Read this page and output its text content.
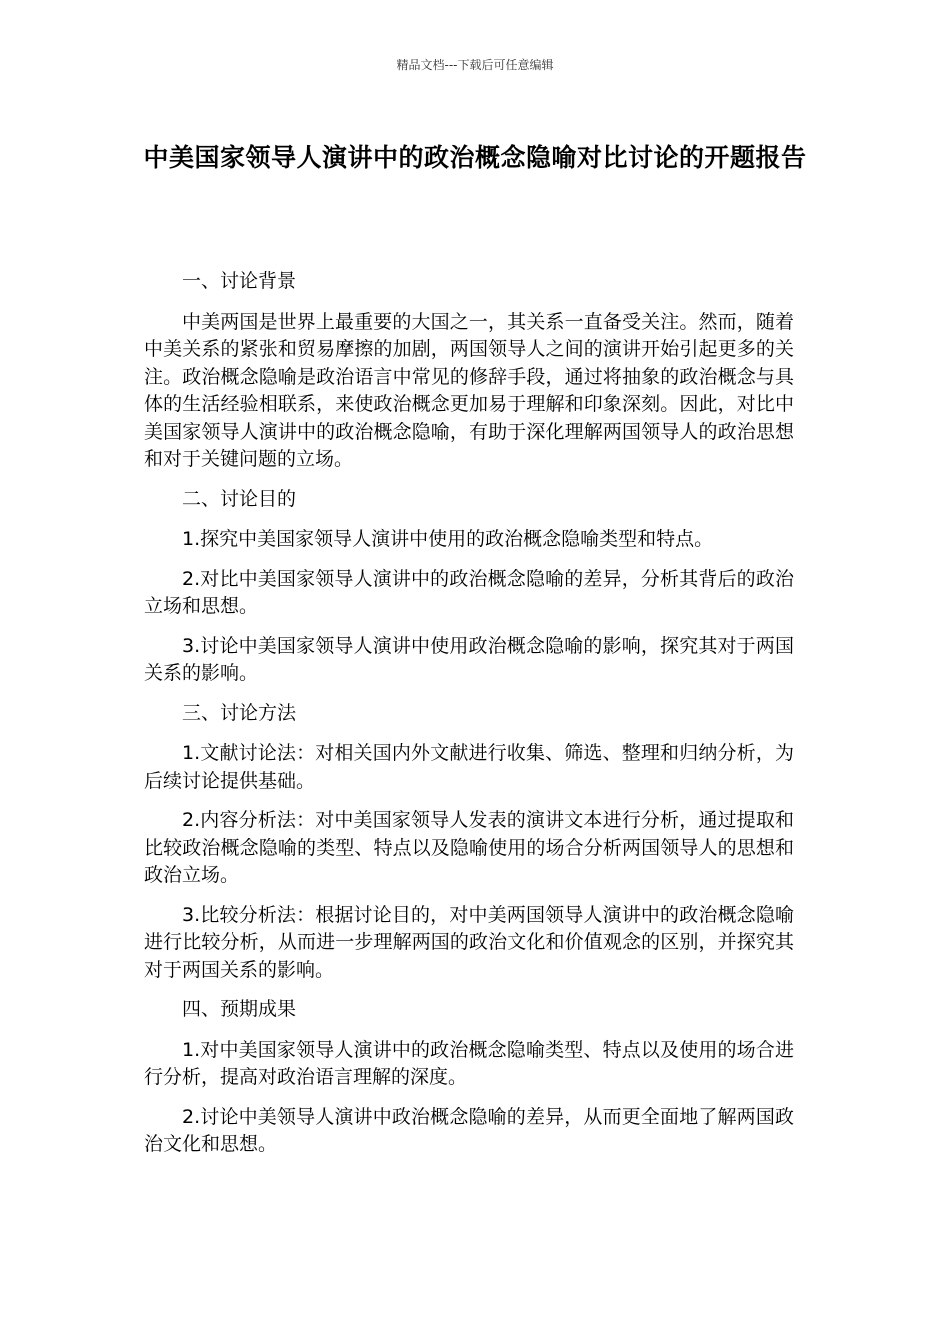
精品文档---下载后可任意编辑
中美国家领导人演讲中的政治概念隐喻对比讨论的开题报告

一、讨论背景

中美两国是世界上最重要的大国之一，其关系一直备受关注。然而，随着中美关系的紧张和贸易摩擦的加剧，两国领导人之间的演讲开始引起更多的关注。政治概念隐喻是政治语言中常见的修辞手段，通过将抽象的政治概念与具体的生活经验相联系，来使政治概念更加易于理解和印象深刻。因此，对比中美国家领导人演讲中的政治概念隐喻，有助于深化理解两国领导人的政治思想和对于关键问题的立场。

二、讨论目的

1.探究中美国家领导人演讲中使用的政治概念隐喻类型和特点。

2.对比中美国家领导人演讲中的政治概念隐喻的差异，分析其背后的政治立场和思想。

3.讨论中美国家领导人演讲中使用政治概念隐喻的影响，探究其对于两国关系的影响。

三、讨论方法

1.文献讨论法：对相关国内外文献进行收集、筛选、整理和归纳分析，为后续讨论提供基础。

2.内容分析法：对中美国家领导人发表的演讲文本进行分析，通过提取和比较政治概念隐喻的类型、特点以及隐喻使用的场合分析两国领导人的思想和政治立场。

3.比较分析法：根据讨论目的，对中美两国领导人演讲中的政治概念隐喻进行比较分析，从而进一步理解两国的政治文化和价值观念的区别，并探究其对于两国关系的影响。

四、预期成果

1.对中美国家领导人演讲中的政治概念隐喻类型、特点以及使用的场合进行分析，提高对政治语言理解的深度。

2.讨论中美领导人演讲中政治概念隐喻的差异，从而更全面地了解两国政治文化和思想。
